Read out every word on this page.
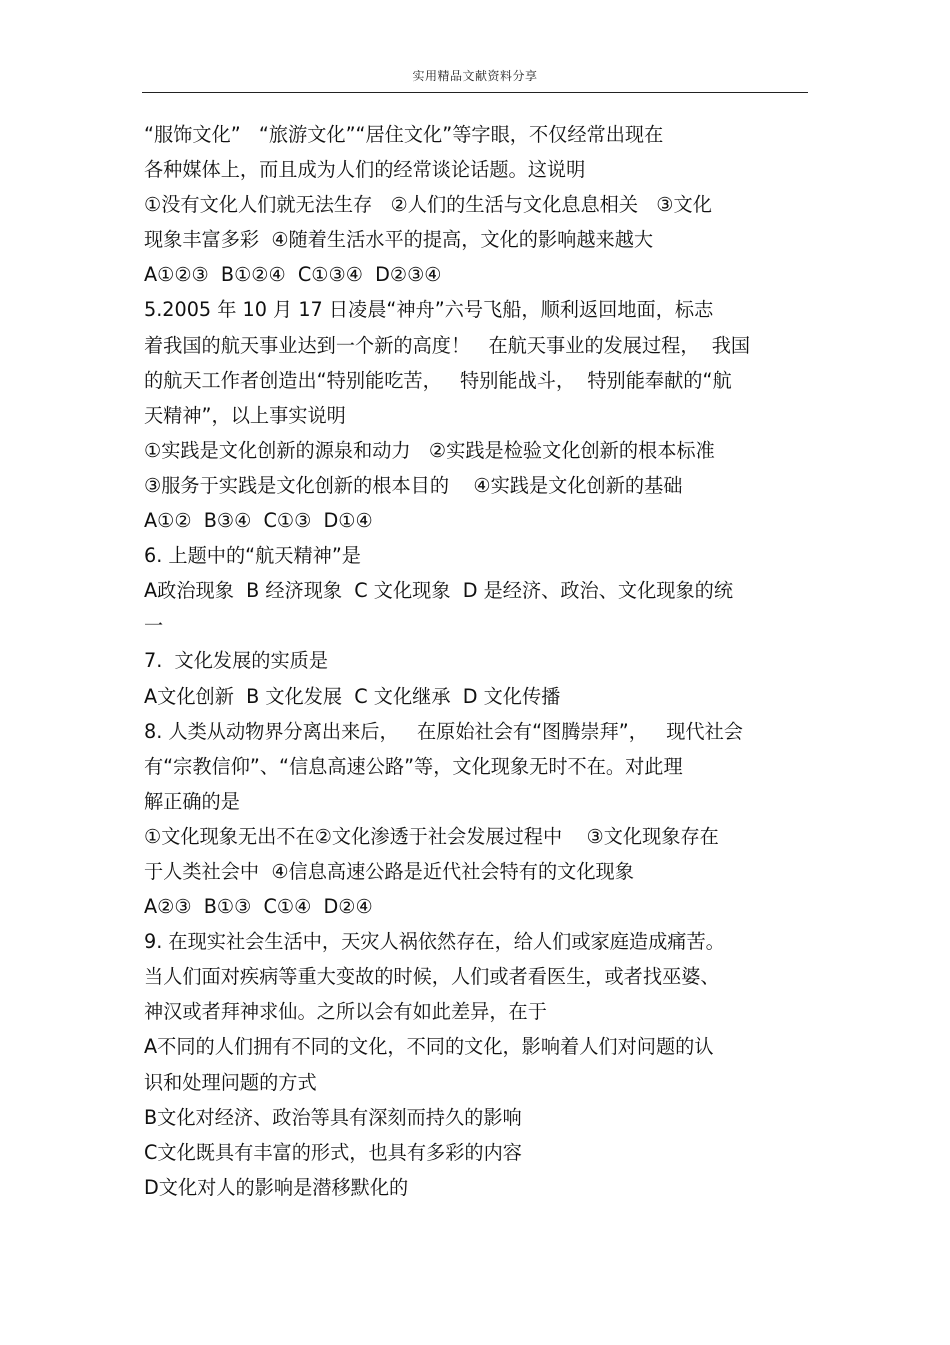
实用精品文献资料分享
“服饰文化”   “旅游文化”“居住文化”等字眼，不仅经常出现在
各种媒体上，而且成为人们的经常谈论话题。这说明
①没有文化人们就无法生存   ②人们的生活与文化息息相关   ③文化
现象丰富多彩  ④随着生活水平的提高，文化的影响越来越大
A①②③  B①②④  C①③④  D②③④
5.2005 年 10 月 17 日凌晨“神舟”六号飞船，顺利返回地面，标志
着我国的航天事业达到一个新的高度！   在航天事业的发展过程，  我国
的航天工作者创造出“特别能吃苦，   特别能战斗，  特别能奉献的“航
天精神”，以上事实说明
①实践是文化创新的源泉和动力   ②实践是检验文化创新的根本标准
③服务于实践是文化创新的根本目的    ④实践是文化创新的基础
A①②  B③④  C①③  D①④
6. 上题中的“航天精神”是
A政治现象  B 经济现象  C 文化现象  D 是经济、政治、文化现象的统
一
7.  文化发展的实质是
A文化创新  B 文化发展  C 文化继承  D 文化传播
8. 人类从动物界分离出来后，   在原始社会有“图腾崇拜”，   现代社会
有“宗教信仰”、“信息高速公路”等，文化现象无时不在。对此理
解正确的是
①文化现象无出不在②文化渗透于社会发展过程中    ③文化现象存在
于人类社会中  ④信息高速公路是近代社会特有的文化现象
A②③  B①③  C①④  D②④
9. 在现实社会生活中，天灾人祸依然存在，给人们或家庭造成痛苦。
当人们面对疾病等重大变故的时候，人们或者看医生，或者找巫婆、
神汉或者拜神求仙。之所以会有如此差异，在于
A不同的人们拥有不同的文化，不同的文化，影响着人们对问题的认
识和处理问题的方式
B文化对经济、政治等具有深刻而持久的影响
C文化既具有丰富的形式，也具有多彩的内容
D文化对人的影响是潜移默化的
